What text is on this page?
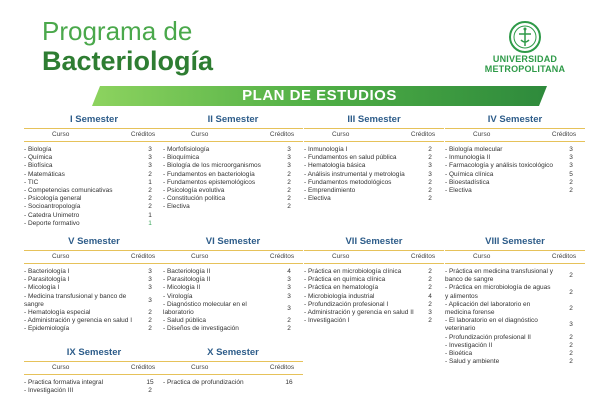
Programa de
Bacteriología	UNIVERSIDAD
METROPOLITANA
PLAN DE ESTUDIOS
I Semester
Curso	Créditos
- Biología	3
- Química	3
- Biofísica	3
- Matemáticas	2
- TIC	1
- Competencias comunicativas	2
- Psicología general	2
- Socioantropología	2
- Catedra Unimetro	1
- Deporte formativo	1
II Semester
Curso	Créditos
- Morfofisiología	3
- Bioquímica	3
- Biología de los microorganismos	3
- Fundamentos en bacteriología	2
- Fundamentos epistemológicos	2
- Psicología evolutiva	2
- Constitución política	2
- Electiva	2
III Semester
Curso	Créditos
- Inmunología I	2
- Fundamentos en salud pública	2
- Hematología básica	3
- Análisis instrumental y metrología	3
- Fundamentos metodológicos	2
- Emprendimiento	2
- Electiva	2
IV Semester
Curso	Créditos
- Biología molecular	3
- Inmunología II	3
- Farmacología y análisis toxicológico	3
- Química clínica	5
- Bioestadística	2
- Electiva	2
V Semester
Curso	Créditos
- Bacteriología I	3
- Parasitología I	3
- Micología I	3
- Medicina transfusional y banco de sangre
3
- Hematología especial	2
- Administración y gerencia en salud I	2
- Epidemiología	2
VI Semester
Curso	Créditos
- Bacteriología II	4
- Parasitología II	3
- Micología II	3
- Virología	3
- Diagnóstico molecular en el laboratorio
3
- Salud pública	2
- Diseños de investigación	2
VII Semester
Curso	Créditos
- Práctica en microbiología clínica	2
- Práctica en química clínica	2
- Práctica en hematología	2
- Microbiología industrial	4
- Profundización profesional I	2
- Administración y gerencia en salud II	3
- Investigación I	2
VIII Semester
Curso	Créditos
- Práctica en medicina transfusional y banco de sangre
2
- Práctica en microbiología de aguas y alimentos
2
- Aplicación del laboratorio en medicina forense
2
- El laboratorio en el diagnóstico veterinario
3
- Profundización profesional II	2
- Investigación II	2
- Bioética	2
- Salud y ambiente	2
IX Semester
Curso	Créditos
- Practica formativa integral	15
- Investigación III	2
X Semester
Curso	Créditos
- Practica de profundización	16
